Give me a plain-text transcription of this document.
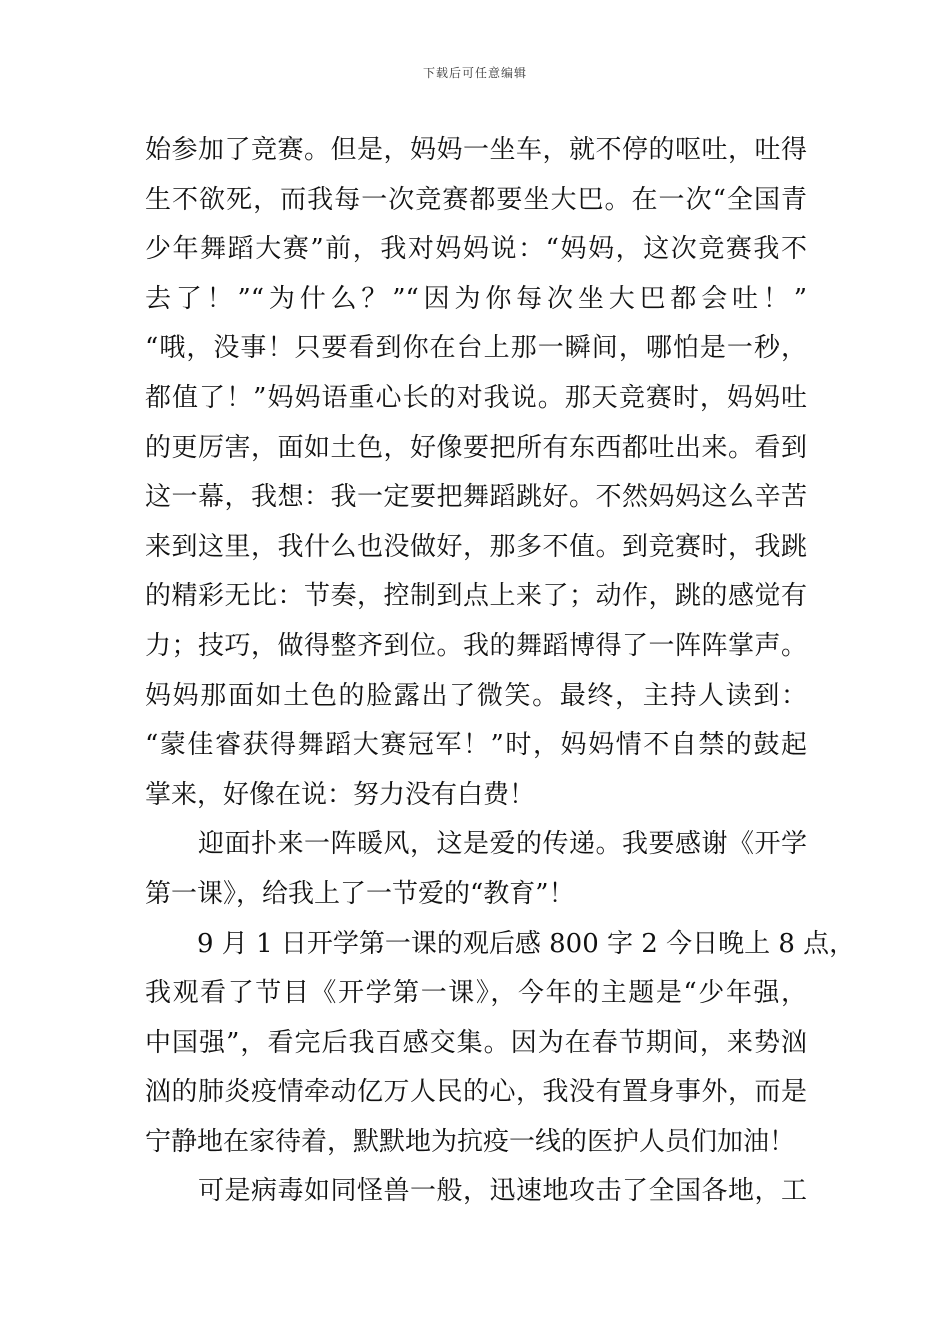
下载后可任意编辑
始参加了竞赛。但是，妈妈一坐车，就不停的呕吐，吐得
生不欲死，而我每一次竞赛都要坐大巴。在一次“全国青
少年舞蹈大赛”前，我对妈妈说：“妈妈，这次竞赛我不
去了！”“为什么？”“因为你每次坐大巴都会吐！”
“哦，没事！只要看到你在台上那一瞬间，哪怕是一秒，
都值了！”妈妈语重心长的对我说。那天竞赛时，妈妈吐
的更厉害，面如土色，好像要把所有东西都吐出来。看到
这一幕，我想：我一定要把舞蹈跳好。不然妈妈这么辛苦
来到这里，我什么也没做好，那多不值。到竞赛时，我跳
的精彩无比：节奏，控制到点上来了；动作，跳的感觉有
力；技巧，做得整齐到位。我的舞蹈博得了一阵阵掌声。
妈妈那面如土色的脸露出了微笑。最终，主持人读到：
“蒙佳睿获得舞蹈大赛冠军！”时，妈妈情不自禁的鼓起
掌来，好像在说：努力没有白费！
　　迎面扑来一阵暖风，这是爱的传递。我要感谢《开学
第一课》，给我上了一节爱的“教育”！
　　9 月 1 日开学第一课的观后感 800 字 2 今日晚上 8 点，
我观看了节目《开学第一课》，今年的主题是“少年强，
中国强”，看完后我百感交集。因为在春节期间，来势汹
汹的肺炎疫情牵动亿万人民的心，我没有置身事外，而是
宁静地在家待着，默默地为抗疫一线的医护人员们加油！
　　可是病毒如同怪兽一般，迅速地攻击了全国各地，工
